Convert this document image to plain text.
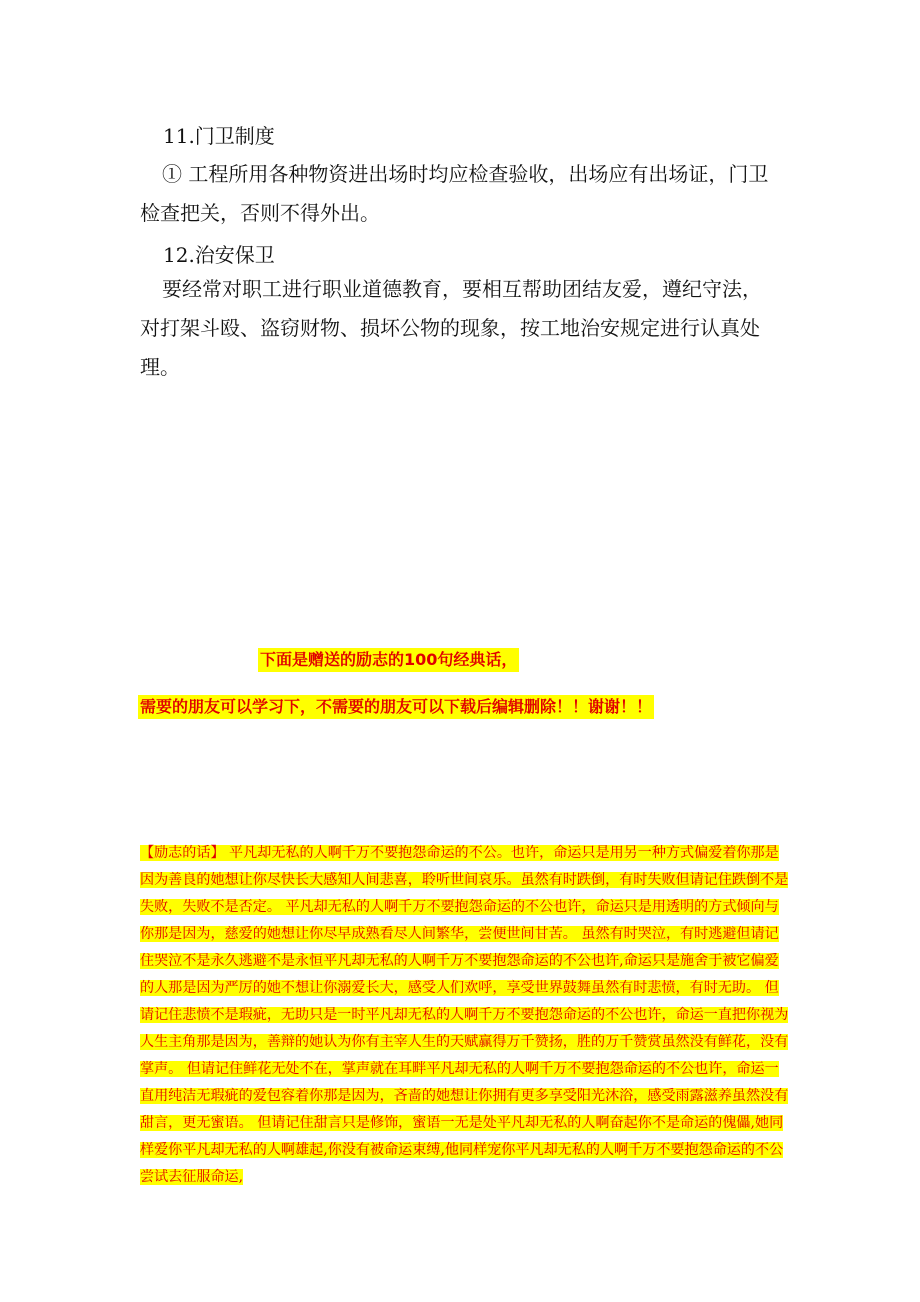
11.门卫制度

① 工程所用各种物资进出场时均应检查验收，出场应有出场证，门卫检查把关，否则不得外出。

12.治安保卫

要经常对职工进行职业道德教育，要相互帮助团结友爱，遵纪守法，对打架斗殴、盗窃财物、损坏公物的现象，按工地治安规定进行认真处理。

下面是赠送的励志的100句经典话，
需要的朋友可以学习下，不需要的朋友可以下载后编辑删除！！谢谢！！
【励志的话】 平凡却无私的人啊千万不要抱怨命运的不公。也许，命运只是用另一种方式偏爱着你那是因为善良的她想让你尽快长大感知人间悲喜，聆听世间哀乐。虽然有时跌倒，有时失败但请记住跌倒不是失败，失败不是否定。 平凡却无私的人啊千万不要抱怨命运的不公也许，命运只是用透明的方式倾向与你那是因为，慈爱的她想让你尽早成熟看尽人间繁华，尝便世间甘苦。 虽然有时哭泣，有时逃避但请记住哭泣不是永久逃避不是永恒平凡却无私的人啊千万不要抱怨命运的不公也许,命运只是施舍于被它偏爱的人那是因为严厉的她不想让你溺爱长大，感受人们欢呼，享受世界鼓舞虽然有时悲愤，有时无助。 但请记住悲愤不是瑕疵，无助只是一时平凡却无私的人啊千万不要抱怨命运的不公也许，命运一直把你视为人生主角那是因为，善辩的她认为你有主宰人生的天赋赢得万千赞扬，胜的万千赞赏虽然没有鲜花，没有掌声。 但请记住鲜花无处不在，掌声就在耳畔平凡却无私的人啊千万不要抱怨命运的不公也许，命运一直用纯洁无瑕疵的爱包容着你那是因为，吝啬的她想让你拥有更多享受阳光沐浴，感受雨露滋养虽然没有甜言，更无蜜语。 但请记住甜言只是修饰，蜜语一无是处平凡却无私的人啊奋起你不是命运的傀儡,她同样爱你平凡却无私的人啊雄起,你没有被命运束缚,他同样宠你平凡却无私的人啊千万不要抱怨命运的不公尝试去征服命运,
